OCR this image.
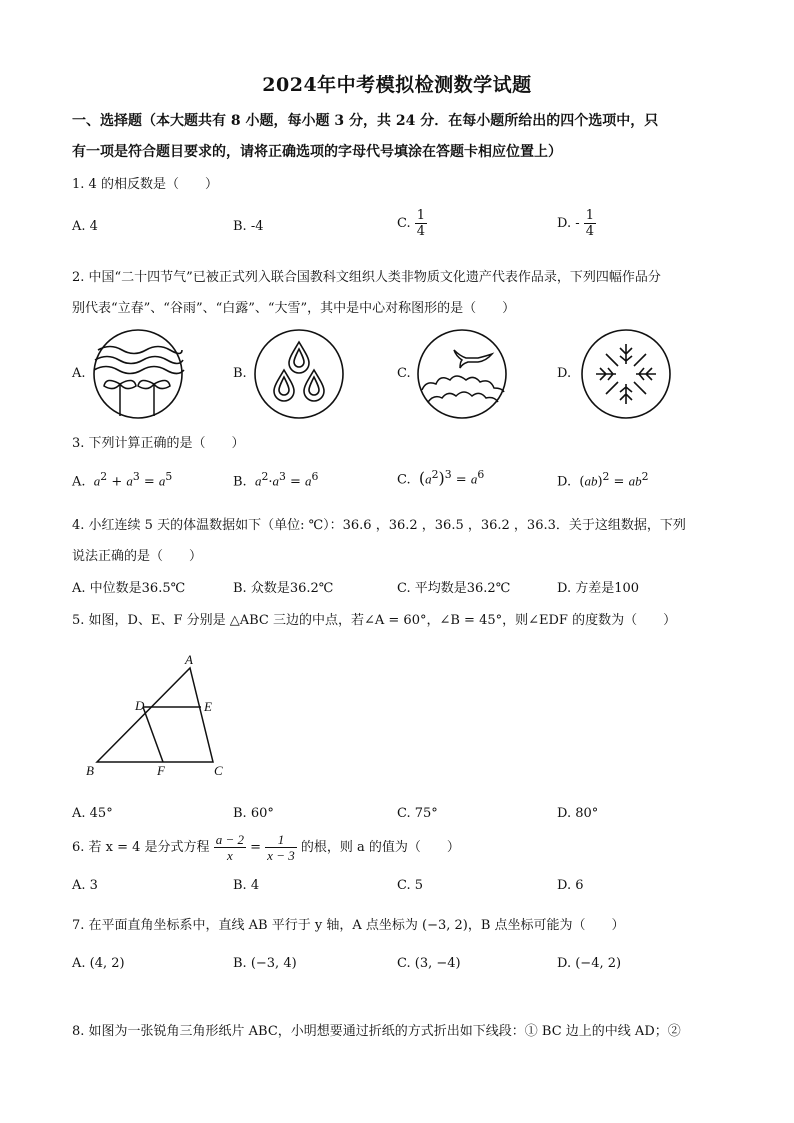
2024年中考模拟检测数学试题
一、选择题（本大题共有 8 小题，每小题 3 分，共 24 分．在每小题所给出的四个选项中，只
有一项是符合题目要求的，请将正确选项的字母代号填涂在答题卡相应位置上）
1. 4 的相反数是（　　）
A. 4	B. -4	C. $\frac{1}{4}$	D. - $\frac{1}{4}$
2. 中国“二十四节气”已被正式列入联合国教科文组织人类非物质文化遗产代表作品录，下列四幅作品分
别代表“立春”、“谷雨”、“白露”、“大雪”，其中是中心对称图形的是（　　）
A.	B.	C.	D.
3. 下列计算正确的是（　　）
A. $a^2 + a^3 = a^5$	B. $a^2\cdot a^3 = a^6$	C. $(a^2)^3 = a^6$	D.  $(ab)^2 = ab^2$
4. 小红连续 5 天的体温数据如下（单位: ℃）：36.6 ，36.2 ，36.5 ，36.2 ，36.3．关于这组数据，下列
说法正确的是（　　）
A. 中位数是36.5℃	B. 众数是36.2℃	C. 平均数是36.2℃	D. 方差是100
5. 如图，D、E、F 分别是 △ABC 三边的中点，若∠A = 60°，∠B = 45°，则∠EDF 的度数为（　　）
A
D	E
B	F	C
A. 45°	B. 60°	C. 75°	D. 80°
6. 若 x = 4 是分式方程 $\frac{a - 2}{x} = \frac{1}{x - 3}$ 的根，则 a 的值为（　　）
A. 3	B. 4	C. 5	D. 6
7. 在平面直角坐标系中，直线 AB 平行于 y 轴，A 点坐标为 (−3, 2)，B 点坐标可能为（　　）
A. (4, 2)	B. (−3, 4)	C. (3, −4)	D. (−4, 2)
8. 如图为一张锐角三角形纸片 ABC，小明想要通过折纸的方式折出如下线段：① BC 边上的中线 AD；②
